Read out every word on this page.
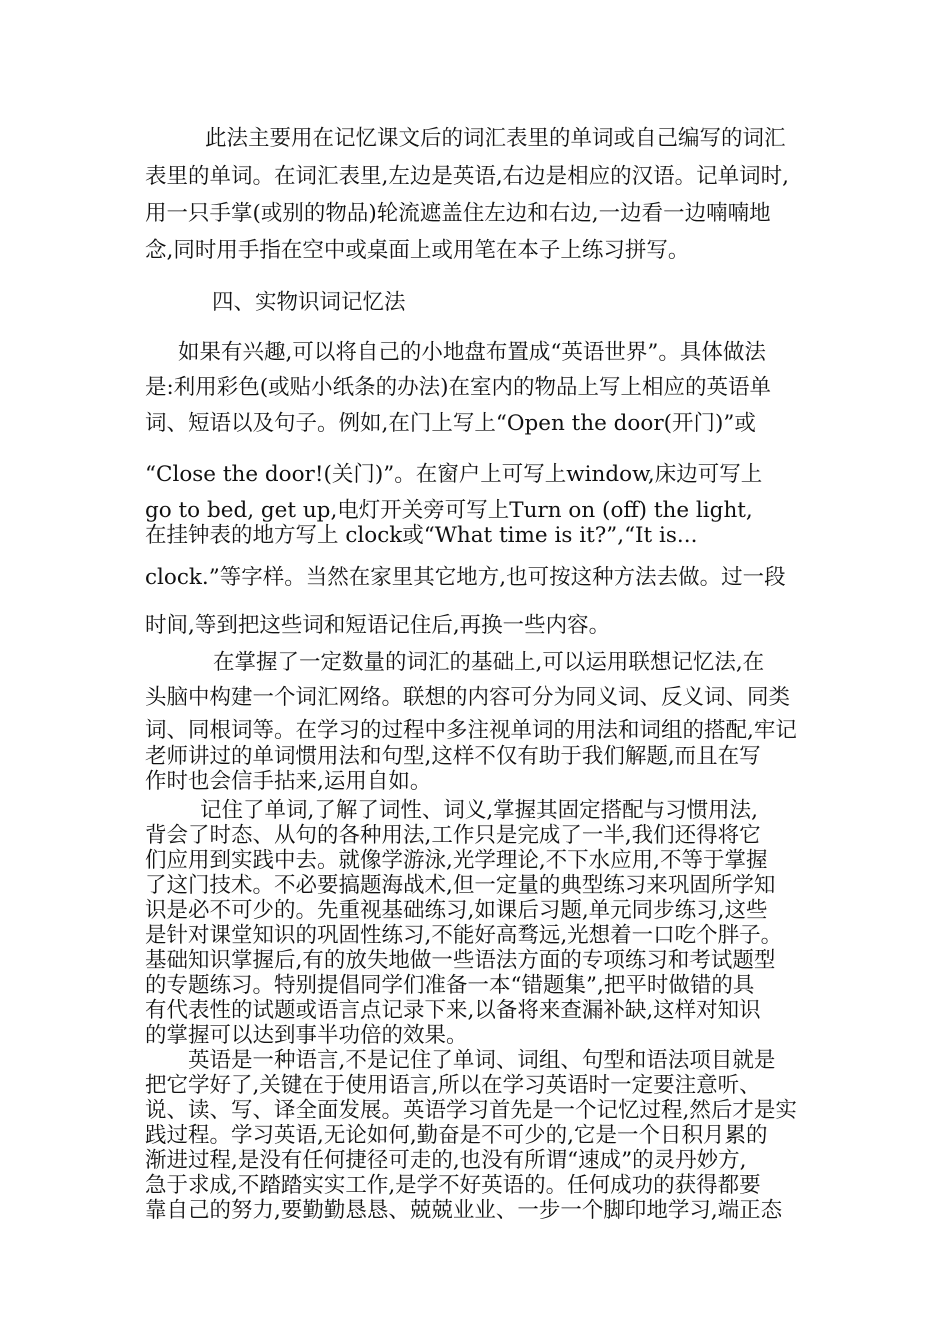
此法主要用在记忆课文后的词汇表里的单词或自己编写的词汇
表里的单词。在词汇表里,左边是英语,右边是相应的汉语。记单词时,
用一只手掌(或别的物品)轮流遮盖住左边和右边,一边看一边喃喃地
念,同时用手指在空中或桌面上或用笔在本子上练习拼写。
四、实物识词记忆法
如果有兴趣,可以将自己的小地盘布置成“英语世界”。具体做法
是:利用彩色(或贴小纸条的办法)在室内的物品上写上相应的英语单
词、短语以及句子。例如,在门上写上“Open the door(开门)”或
“Close the door!(关门)”。在窗户上可写上window,床边可写上
go to bed, get up,电灯开关旁可写上Turn on (off) the light,
在挂钟表的地方写上 clock或“What time is it?”,“It is...
clock.”等字样。当然在家里其它地方,也可按这种方法去做。过一段
时间,等到把这些词和短语记住后,再换一些内容。
在掌握了一定数量的词汇的基础上,可以运用联想记忆法,在
头脑中构建一个词汇网络。联想的内容可分为同义词、反义词、同类
词、同根词等。在学习的过程中多注视单词的用法和词组的搭配,牢记
老师讲过的单词惯用法和句型,这样不仅有助于我们解题,而且在写
作时也会信手拈来,运用自如。
记住了单词,了解了词性、词义,掌握其固定搭配与习惯用法,
背会了时态、从句的各种用法,工作只是完成了一半,我们还得将它
们应用到实践中去。就像学游泳,光学理论,不下水应用,不等于掌握
了这门技术。不必要搞题海战术,但一定量的典型练习来巩固所学知
识是必不可少的。先重视基础练习,如课后习题,单元同步练习,这些
是针对课堂知识的巩固性练习,不能好高骛远,光想着一口吃个胖子。
基础知识掌握后,有的放失地做一些语法方面的专项练习和考试题型
的专题练习。特别提倡同学们准备一本“错题集”,把平时做错的具
有代表性的试题或语言点记录下来,以备将来查漏补缺,这样对知识
的掌握可以达到事半功倍的效果。
英语是一种语言,不是记住了单词、词组、句型和语法项目就是
把它学好了,关键在于使用语言,所以在学习英语时一定要注意听、
说、读、写、译全面发展。英语学习首先是一个记忆过程,然后才是实
践过程。学习英语,无论如何,勤奋是不可少的,它是一个日积月累的
渐进过程,是没有任何捷径可走的,也没有所谓“速成”的灵丹妙方,
急于求成,不踏踏实实工作,是学不好英语的。任何成功的获得都要
靠自己的努力,要勤勤恳恳、兢兢业业、一步一个脚印地学习,端正态
